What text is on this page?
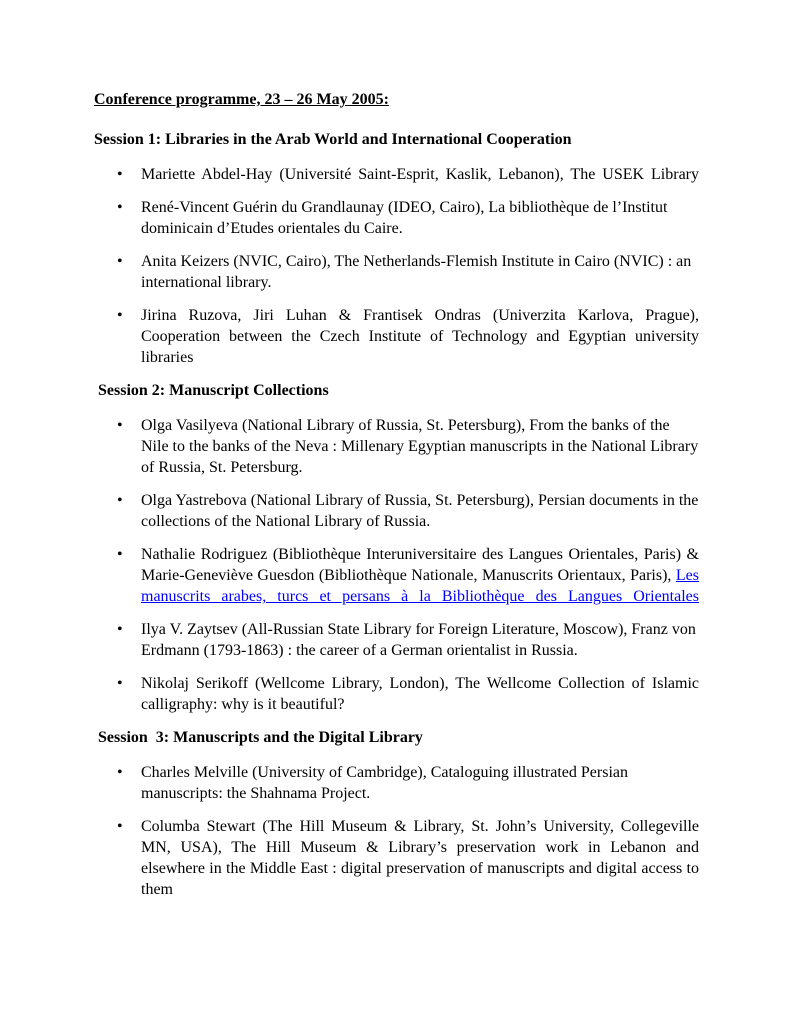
Conference programme, 23 – 26 May 2005:
Session 1: Libraries in the Arab World and International Cooperation
• Mariette Abdel-Hay (Université Saint-Esprit, Kaslik, Lebanon), The USEK Library
• René-Vincent Guérin du Grandlaunay (IDEO, Cairo), La bibliothèque de l’Institut dominicain d’Etudes orientales du Caire.
• Anita Keizers (NVIC, Cairo), The Netherlands-Flemish Institute in Cairo (NVIC) : an international library.
• Jirina Ruzova, Jiri Luhan & Frantisek Ondras (Univerzita Karlova, Prague), Cooperation between the Czech Institute of Technology and Egyptian university libraries
Session 2: Manuscript Collections
• Olga Vasilyeva (National Library of Russia, St. Petersburg), From the banks of the Nile to the banks of the Neva : Millenary Egyptian manuscripts in the National Library of Russia, St. Petersburg.
• Olga Yastrebova (National Library of Russia, St. Petersburg), Persian documents in the collections of the National Library of Russia.
• Nathalie Rodriguez (Bibliothèque Interuniversitaire des Langues Orientales, Paris) & Marie-Geneviève Guesdon (Bibliothèque Nationale, Manuscrits Orientaux, Paris), Les manuscrits arabes, turcs et persans à la Bibliothèque des Langues Orientales
• Ilya V. Zaytsev (All-Russian State Library for Foreign Literature, Moscow), Franz von Erdmann (1793-1863) : the career of a German orientalist in Russia.
• Nikolaj Serikoff (Wellcome Library, London), The Wellcome Collection of Islamic calligraphy: why is it beautiful?
Session  3: Manuscripts and the Digital Library
• Charles Melville (University of Cambridge), Cataloguing illustrated Persian manuscripts: the Shahnama Project.
• Columba Stewart (The Hill Museum & Library, St. John’s University, Collegeville MN, USA), The Hill Museum & Library’s preservation work in Lebanon and elsewhere in the Middle East : digital preservation of manuscripts and digital access to them
